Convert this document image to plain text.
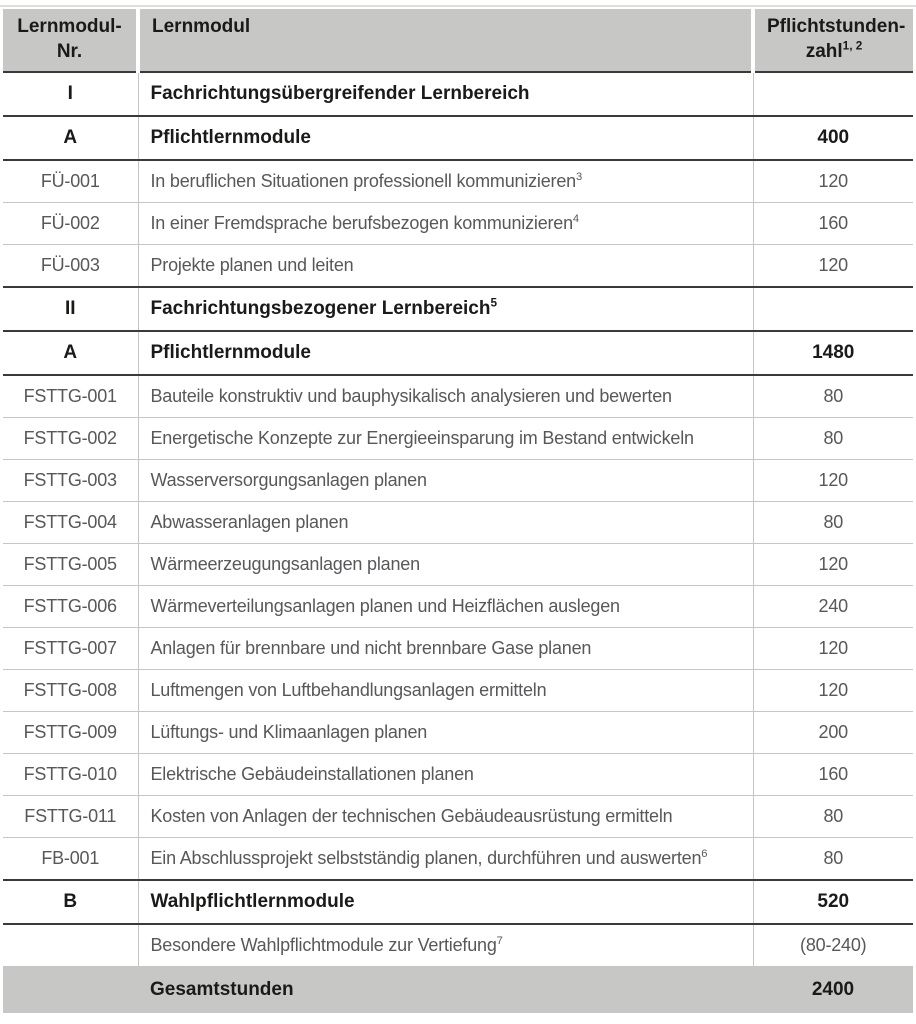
Lernmodul-
Nr.	Lernmodul	Pflichtstunden-
zahl$^{1, 2}$
I	Fachrichtungsübergreifender Lernbereich	
A	Pflichtlernmodule	400
FÜ-001	In beruflichen Situationen professionell kommunizieren$^3$	120
FÜ-002	In einer Fremdsprache berufsbezogen kommunizieren$^4$	160
FÜ-003	Projekte planen und leiten	120
II	Fachrichtungsbezogener Lernbereich$^5$	
A	Pflichtlernmodule	1480
FSTTG-001	Bauteile konstruktiv und bauphysikalisch analysieren und bewerten	80
FSTTG-002	Energetische Konzepte zur Energieeinsparung im Bestand entwickeln	80
FSTTG-003	Wasserversorgungsanlagen planen	120
FSTTG-004	Abwasseranlagen planen	80
FSTTG-005	Wärmeerzeugungsanlagen planen	120
FSTTG-006	Wärmeverteilungsanlagen planen und Heizflächen auslegen	240
FSTTG-007	Anlagen für brennbare und nicht brennbare Gase planen	120
FSTTG-008	Luftmengen von Luftbehandlungsanlagen ermitteln	120
FSTTG-009	Lüftungs- und Klimaanlagen planen	200
FSTTG-010	Elektrische Gebäudeinstallationen planen	160
FSTTG-011	Kosten von Anlagen der technischen Gebäudeausrüstung ermitteln	80
FB-001	Ein Abschlussprojekt selbstständig planen, durchführen und auswerten$^6$	80
B	Wahlpflichtlernmodule	520
	Besondere Wahlpflichtmodule zur Vertiefung$^7$	(80-240)
	Gesamtstunden	2400
